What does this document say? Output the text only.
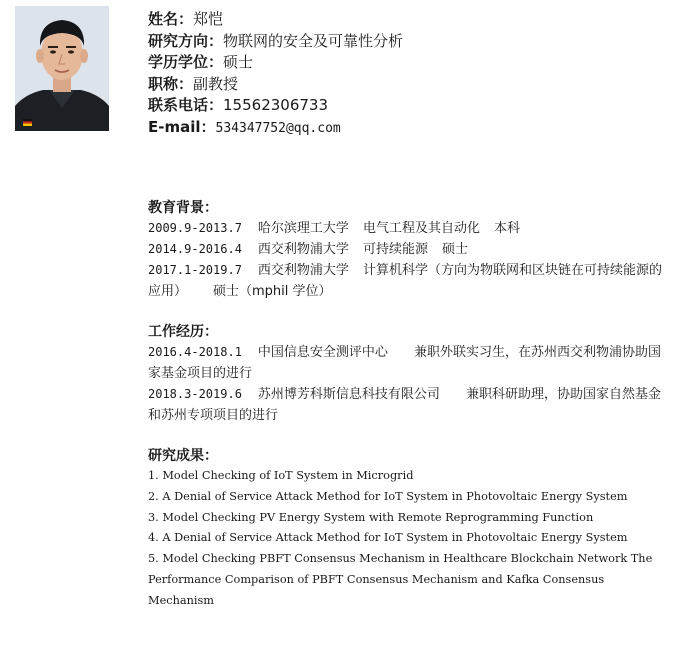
姓名：郑恺
研究方向：物联网的安全及可靠性分析
学历学位：硕士
职称：副教授
联系电话：15562306733
E-mail：534347752@qq.com
教育背景：
2009.9-2013.7 哈尔滨理工大学 电气工程及其自动化 本科
2014.9-2016.4 西交利物浦大学 可持续能源 硕士
2017.1-2019.7 西交利物浦大学 计算机科学（方向为物联网和区块链在可持续能源的应用） 硕士（mphil 学位）
工作经历：
2016.4-2018.1 中国信息安全测评中心 兼职外联实习生，在苏州西交利物浦协助国家基金项目的进行
2018.3-2019.6 苏州博芳科斯信息科技有限公司 兼职科研助理，协助国家自然基金和苏州专项项目的进行
研究成果：
1. Model Checking of IoT System in Microgrid
2. A Denial of Service Attack Method for IoT System in Photovoltaic Energy System
3. Model Checking PV Energy System with Remote Reprogramming Function
4. A Denial of Service Attack Method for IoT System in Photovoltaic Energy System
5. Model Checking PBFT Consensus Mechanism in Healthcare Blockchain Network The Performance Comparison of PBFT Consensus Mechanism and Kafka Consensus Mechanism
